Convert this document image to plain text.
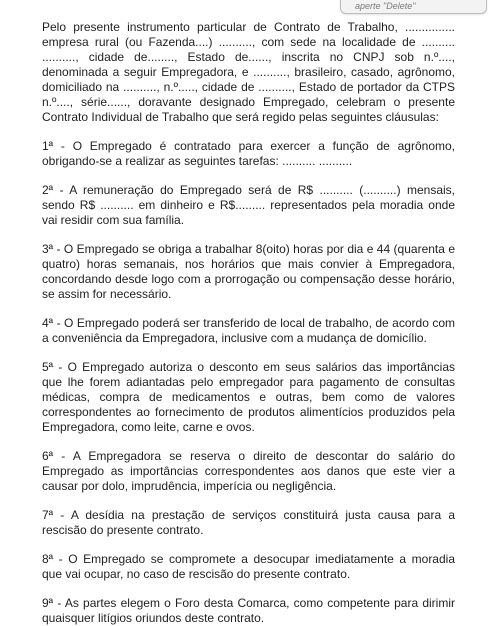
aperte "Delete"

Pelo presente instrumento particular de Contrato de Trabalho, ............... empresa rural (ou Fazenda....) .........., com sede na localidade de .......... .........., cidade de........, Estado de......, inscrita no CNPJ sob n.º...., denominada a seguir Empregadora, e .........., brasileiro, casado, agrônomo, domiciliado na .........., n.º....., cidade de .........., Estado de portador da CTPS n.º...., série......, doravante designado Empregado, celebram o presente Contrato Individual de Trabalho que será regido pelas seguintes cláusulas:

1ª - O Empregado é contratado para exercer a função de agrônomo, obrigando-se a realizar as seguintes tarefas: .......... ..........

2ª - A remuneração do Empregado será de R$ .......... (..........) mensais, sendo R$ .......... em dinheiro e R$......... representados pela moradia onde vai residir com sua família.

3ª - O Empregado se obriga a trabalhar 8(oito) horas por dia e 44 (quarenta e quatro) horas semanais, nos horários que mais convier à Empregadora, concordando desde logo com a prorrogação ou compensação desse horário, se assim for necessário.

4ª - O Empregado poderá ser transferido de local de trabalho, de acordo com a conveniência da Empregadora, inclusive com a mudança de domicílio.

5ª - O Empregado autoriza o desconto em seus salários das importâncias que lhe forem adiantadas pelo empregador para pagamento de consultas médicas, compra de medicamentos e outras, bem como de valores correspondentes ao fornecimento de produtos alimentícios produzidos pela Empregadora, como leite, carne e ovos.

6ª - A Empregadora se reserva o direito de descontar do salário do Empregado as importâncias correspondentes aos danos que este vier a causar por dolo, imprudência, imperícia ou negligência.

7ª - A desídia na prestação de serviços constituirá justa causa para a rescisão do presente contrato.

8ª - O Empregado se compromete a desocupar imediatamente a moradia que vai ocupar, no caso de rescisão do presente contrato.

9ª - As partes elegem o Foro desta Comarca, como competente para dirimir quaisquer litígios oriundos deste contrato.
